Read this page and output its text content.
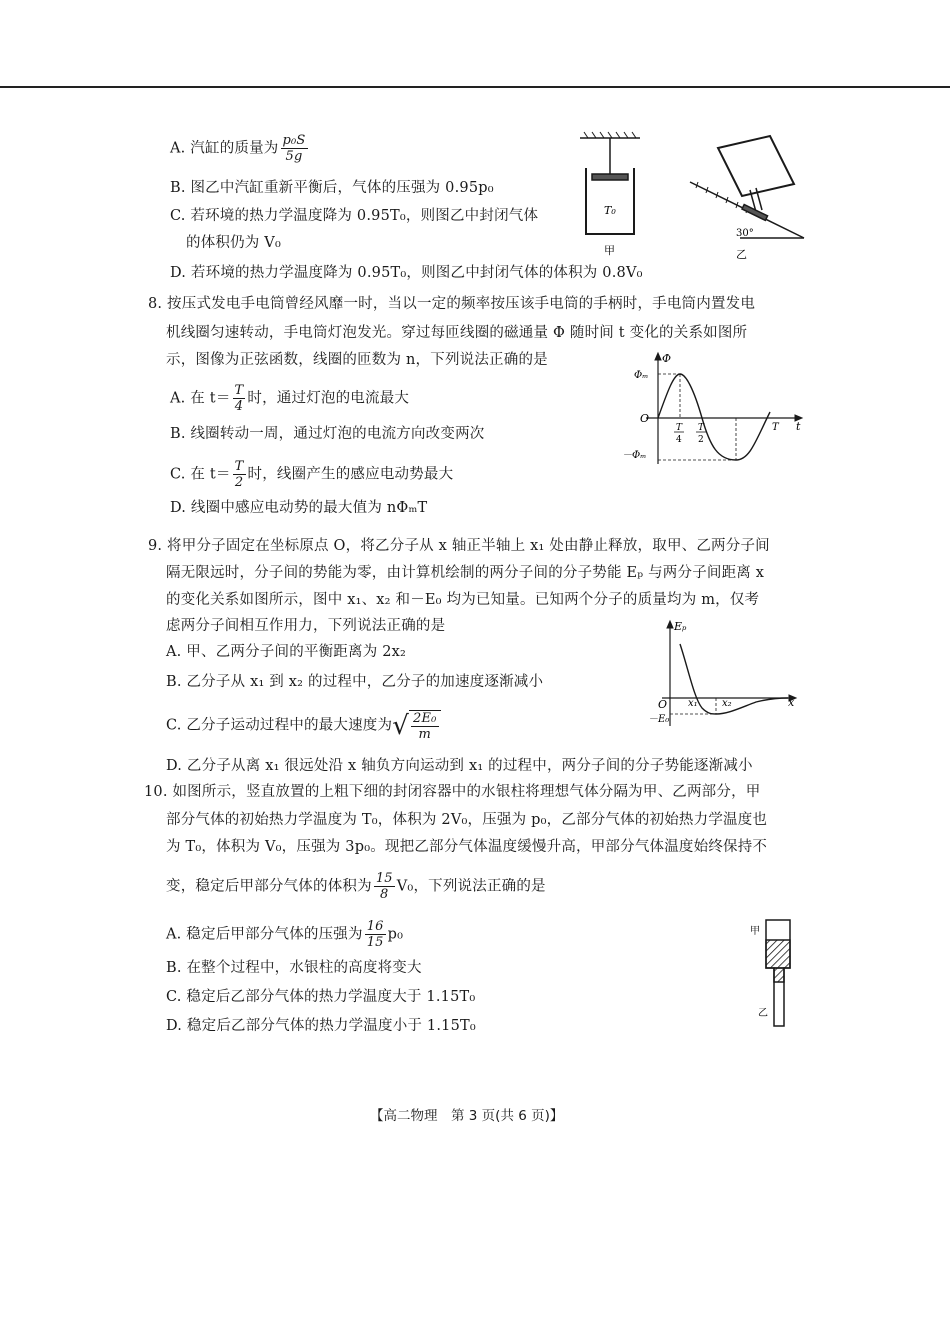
A. 汽缸的质量为 $\frac{\text{p₀S}}{5g}$
B. 图乙中汽缸重新平衡后，气体的压强为 0.95p₀
C. 若环境的热力学温度降为 0.95T₀，则图乙中封闭气体
的体积仍为 V₀
D. 若环境的热力学温度降为 0.95T₀，则图乙中封闭气体的体积为 0.8V₀
T₀
甲
30°
乙
8. 按压式发电手电筒曾经风靡一时，当以一定的频率按压该手电筒的手柄时，手电筒内置发电
机线圈匀速转动，手电筒灯泡发光。穿过每匝线圈的磁通量 Φ 随时间 t 变化的关系如图所
示，图像为正弦函数，线圈的匝数为 n，下列说法正确的是
A. 在 $t= \frac{T}{4}$ 时，通过灯泡的电流最大
B. 线圈转动一周，通过灯泡的电流方向改变两次
C. 在 $t= \frac{T}{2}$ 时，线圈产生的感应电动势最大
D. 线圈中感应电动势的最大值为 nΦₘT
Φ
t
O
Φₘ
－Φₘ
T
4
T
2
T
9. 将甲分子固定在坐标原点 O，将乙分子从 x 轴正半轴上 x₁ 处由静止释放，取甲、乙两分子间
隔无限远时，分子间的势能为零，由计算机绘制的两分子间的分子势能 Eₚ 与两分子间距离 x
的变化关系如图所示，图中 x₁、x₂ 和－E₀ 均为已知量。已知两个分子的质量均为 m，仅考
虑两分子间相互作用力，下列说法正确的是
A. 甲、乙两分子间的平衡距离为 2x₂
B. 乙分子从 x₁ 到 x₂ 的过程中，乙分子的加速度逐渐减小
C. 乙分子运动过程中的最大速度为 √ $\frac{\text{2E₀}}{m}$
D. 乙分子从离 x₁ 很远处沿 x 轴负方向运动到 x₁ 的过程中，两分子间的分子势能逐渐减小
Eₚ
x
O x₁ x₂
－E₀
10. 如图所示，竖直放置的上粗下细的封闭容器中的水银柱将理想气体分隔为甲、乙两部分，甲
部分气体的初始热力学温度为 T₀，体积为 2V₀，压强为 p₀，乙部分气体的初始热力学温度也
为 T₀，体积为 V₀，压强为 3p₀。现把乙部分气体温度缓慢升高，甲部分气体温度始终保持不
变，稳定后甲部分气体的体积为 $\frac{15}{8} V_0$，下列说法正确的是
A. 稳定后甲部分气体的压强为 $\frac{16}{15} p_0$
B. 在整个过程中，水银柱的高度将变大
C. 稳定后乙部分气体的热力学温度大于 1.15T₀
D. 稳定后乙部分气体的热力学温度小于 1.15T₀
甲
乙
【高二物理　第 3 页(共 6 页)】
